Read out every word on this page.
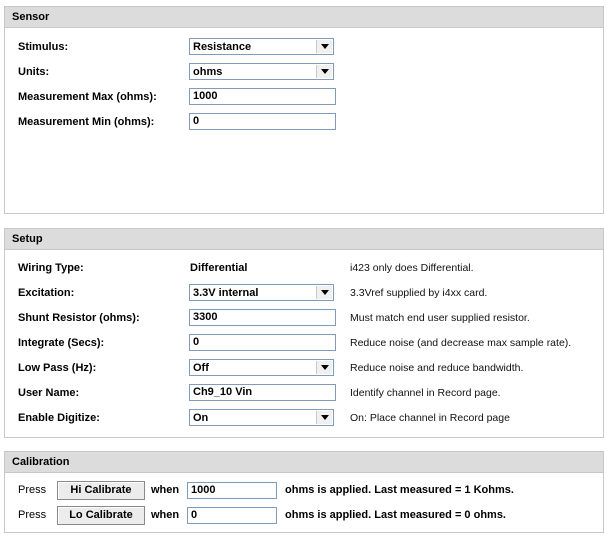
Sensor
Stimulus:	Resistance
Units:	ohms
Measurement Max (ohms):	1000
Measurement Min (ohms):	0
Setup
Wiring Type:	Differential	i423 only does Differential.
Excitation:	3.3V internal	3.3Vref supplied by i4xx card.
Shunt Resistor (ohms):	3300	Must match end user supplied resistor.
Integrate (Secs):	0	Reduce noise (and decrease max sample rate).
Low Pass (Hz):	Off	Reduce noise and reduce bandwidth.
User Name:	Ch9_10 Vin	Identify channel in Record page.
Enable Digitize:	On	On: Place channel in Record page
Calibration
Press	Hi Calibrate	when	1000	ohms is applied. Last measured = 1 Kohms.
Press	Lo Calibrate	when	0	ohms is applied. Last measured = 0 ohms.
